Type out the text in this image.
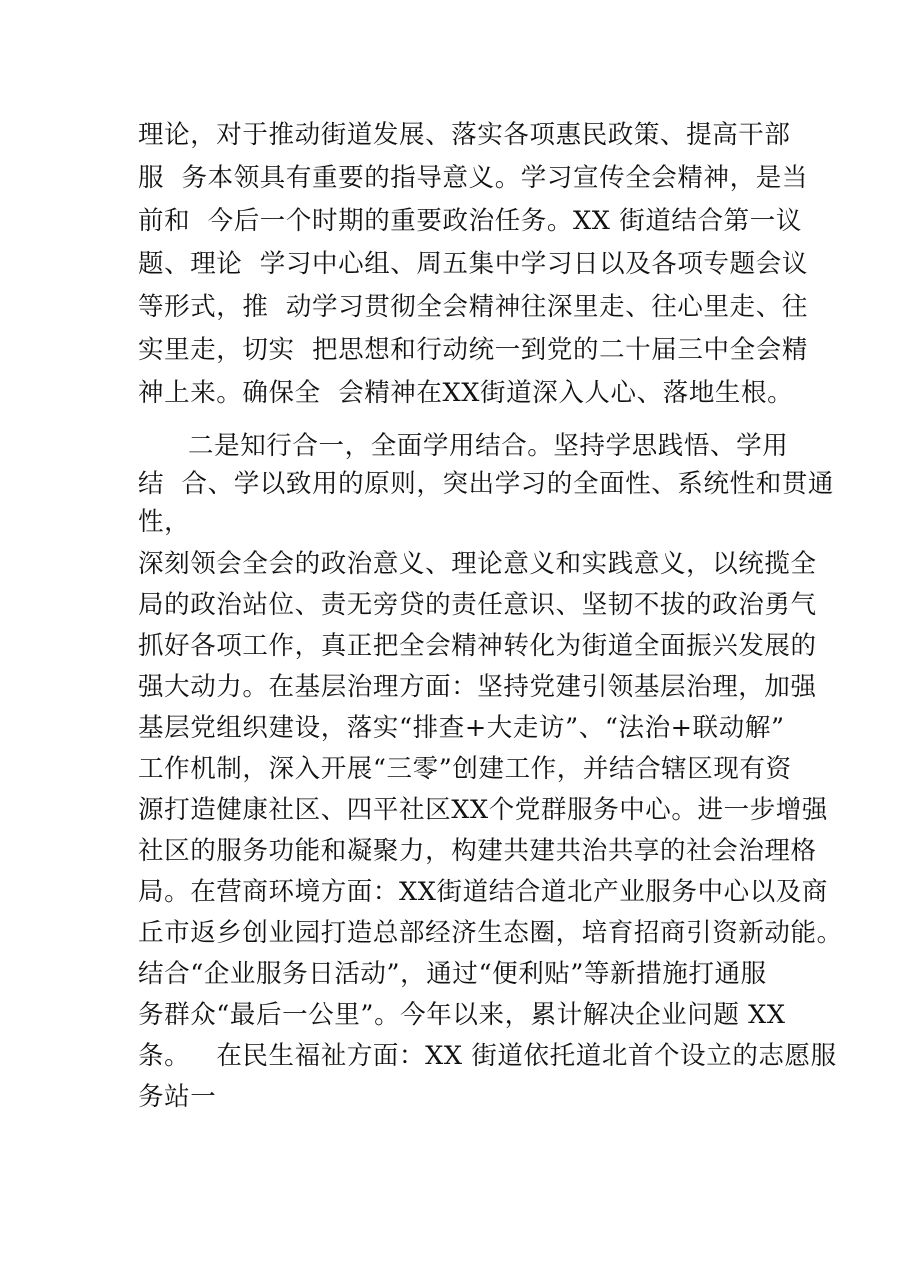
理论，对于推动街道发展、落实各项惠民政策、提高干部
服  务本领具有重要的指导意义。学习宣传全会精神，是当
前和  今后一个时期的重要政治任务。XX 街道结合第一议
题、理论  学习中心组、周五集中学习日以及各项专题会议
等形式，推  动学习贯彻全会精神往深里走、往心里走、往
实里走，切实  把思想和行动统一到党的二十届三中全会精
神上来。确保全  会精神在XX街道深入人心、落地生根。
二是知行合一，全面学用结合。坚持学思践悟、学用
结  合、学以致用的原则，突出学习的全面性、系统性和贯通
性，
深刻领会全会的政治意义、理论意义和实践意义，以统揽全
局的政治站位、责无旁贷的责任意识、坚韧不拔的政治勇气
抓好各项工作，真正把全会精神转化为街道全面振兴发展的
强大动力。在基层治理方面：坚持党建引领基层治理，加强
基层党组织建设，落实“排查+大走访”、“法治+联动解”
工作机制，深入开展“三零”创建工作，并结合辖区现有资
源打造健康社区、四平社区XX个党群服务中心。进一步增强
社区的服务功能和凝聚力，构建共建共治共享的社会治理格
局。在营商环境方面：XX街道结合道北产业服务中心以及商
丘市返乡创业园打造总部经济生态圈，培育招商引资新动能。
结合“企业服务日活动”，通过“便利贴”等新措施打通服
务群众“最后一公里”。今年以来，累计解决企业问题 XX
条。   在民生福祉方面：XX 街道依托道北首个设立的志愿服
务站一
